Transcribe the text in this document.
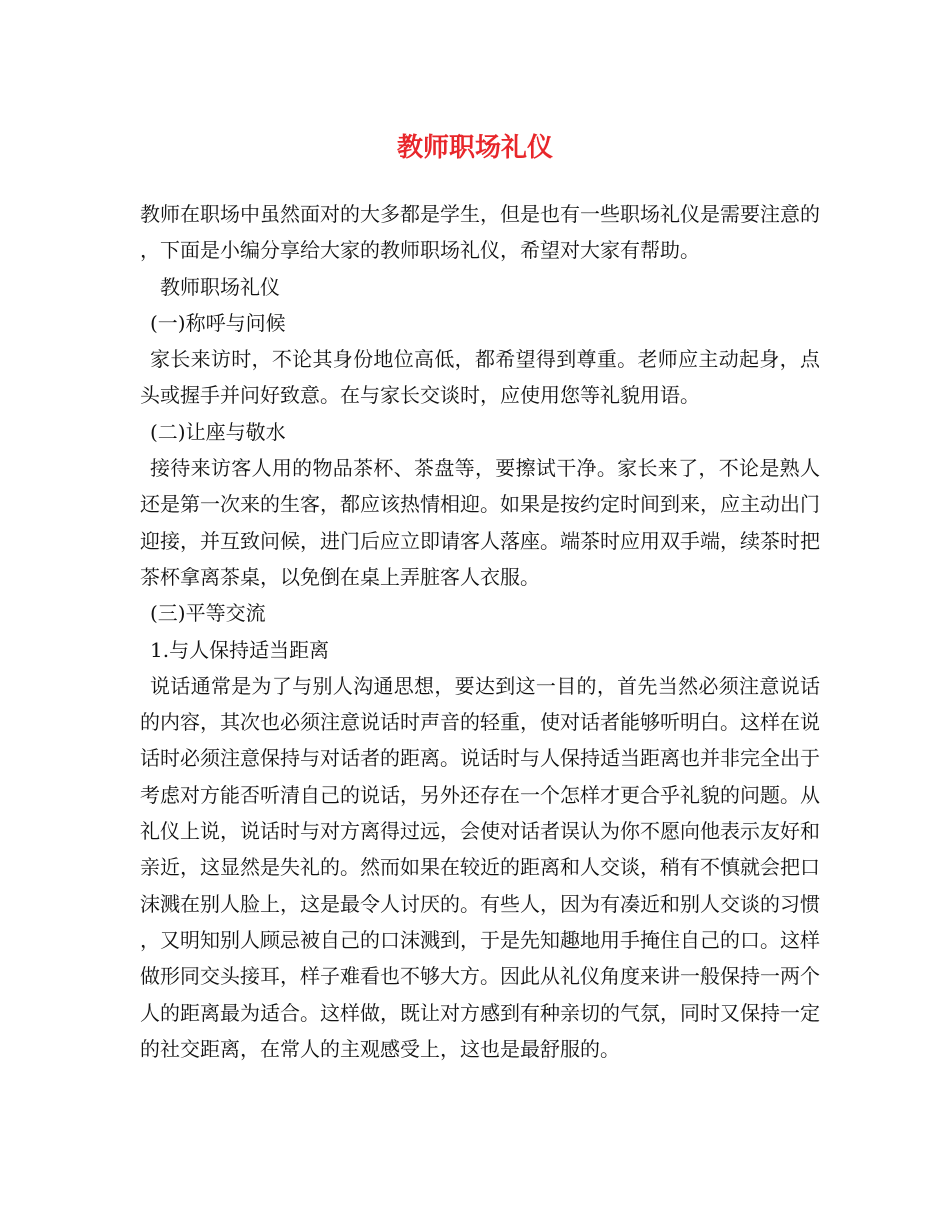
教师职场礼仪

教师在职场中虽然面对的大多都是学生，但是也有一些职场礼仪是需要注意的，下面是小编分享给大家的教师职场礼仪，希望对大家有帮助。

教师职场礼仪

(一)称呼与问候

家长来访时，不论其身份地位高低，都希望得到尊重。老师应主动起身，点头或握手并问好致意。在与家长交谈时，应使用您等礼貌用语。

(二)让座与敬水

接待来访客人用的物品茶杯、茶盘等，要擦试干净。家长来了，不论是熟人还是第一次来的生客，都应该热情相迎。如果是按约定时间到来，应主动出门迎接，并互致问候，进门后应立即请客人落座。端茶时应用双手端，续茶时把茶杯拿离茶桌，以免倒在桌上弄脏客人衣服。

(三)平等交流

1.与人保持适当距离

说话通常是为了与别人沟通思想，要达到这一目的，首先当然必须注意说话的内容，其次也必须注意说话时声音的轻重，使对话者能够听明白。这样在说话时必须注意保持与对话者的距离。说话时与人保持适当距离也并非完全出于考虑对方能否听清自己的说话，另外还存在一个怎样才更合乎礼貌的问题。从礼仪上说，说话时与对方离得过远，会使对话者误认为你不愿向他表示友好和亲近，这显然是失礼的。然而如果在较近的距离和人交谈，稍有不慎就会把口沫溅在别人脸上，这是最令人讨厌的。有些人，因为有凑近和别人交谈的习惯，又明知别人顾忌被自己的口沫溅到，于是先知趣地用手掩住自己的口。这样做形同交头接耳，样子难看也不够大方。因此从礼仪角度来讲一般保持一两个人的距离最为适合。这样做，既让对方感到有种亲切的气氛，同时又保持一定的社交距离，在常人的主观感受上，这也是最舒服的。
